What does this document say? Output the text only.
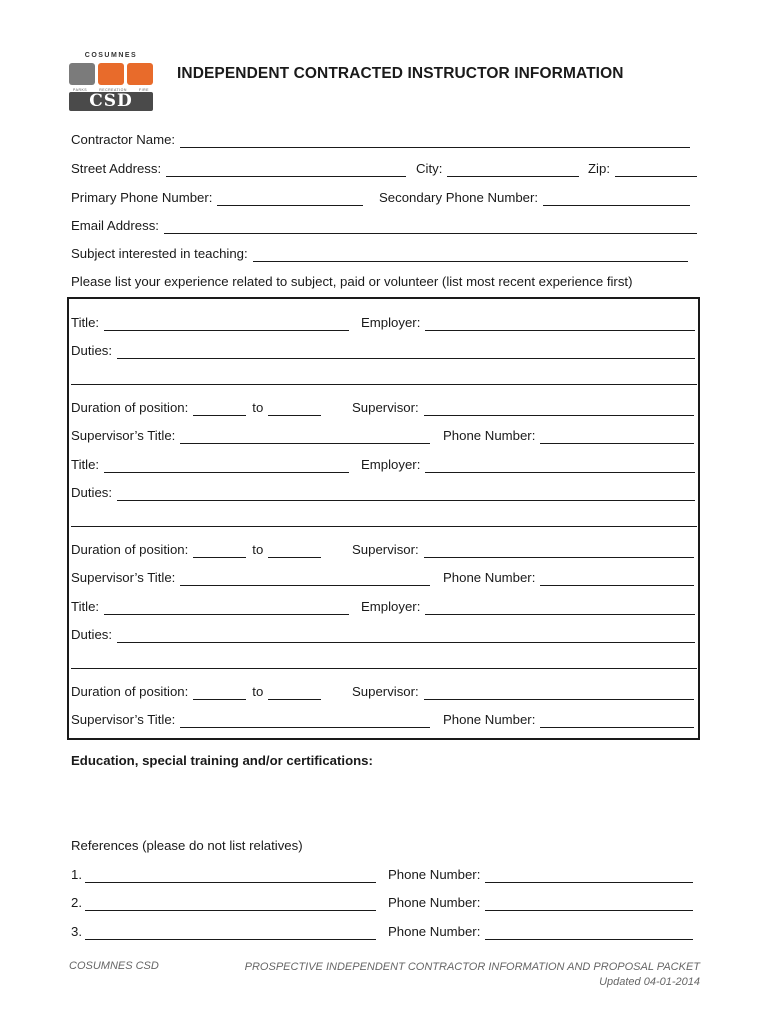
COSUMNES
PARKS	RECREATION	FIRE
CSD
INDEPENDENT CONTRACTED INSTRUCTOR INFORMATION
Contractor Name:
Street Address:	City:	Zip:
Primary Phone Number:	Secondary Phone Number:
Email Address:
Subject interested in teaching:
Please list your experience related to subject, paid or volunteer (list most recent experience first)
Title:	Employer:
Duties:
Duration of position:	to	Supervisor:
Supervisor’s Title:	Phone Number:
Title:	Employer:
Duties:
Duration of position:	to	Supervisor:
Supervisor’s Title:	Phone Number:
Title:	Employer:
Duties:
Duration of position:	to	Supervisor:
Supervisor’s Title:	Phone Number:
Education, special training and/or certifications:
References (please do not list relatives)
1.	Phone Number:
2.	Phone Number:
3.	Phone Number:
COSUMNES CSD	PROSPECTIVE INDEPENDENT CONTRACTOR INFORMATION AND PROPOSAL PACKET
Updated 04-01-2014
